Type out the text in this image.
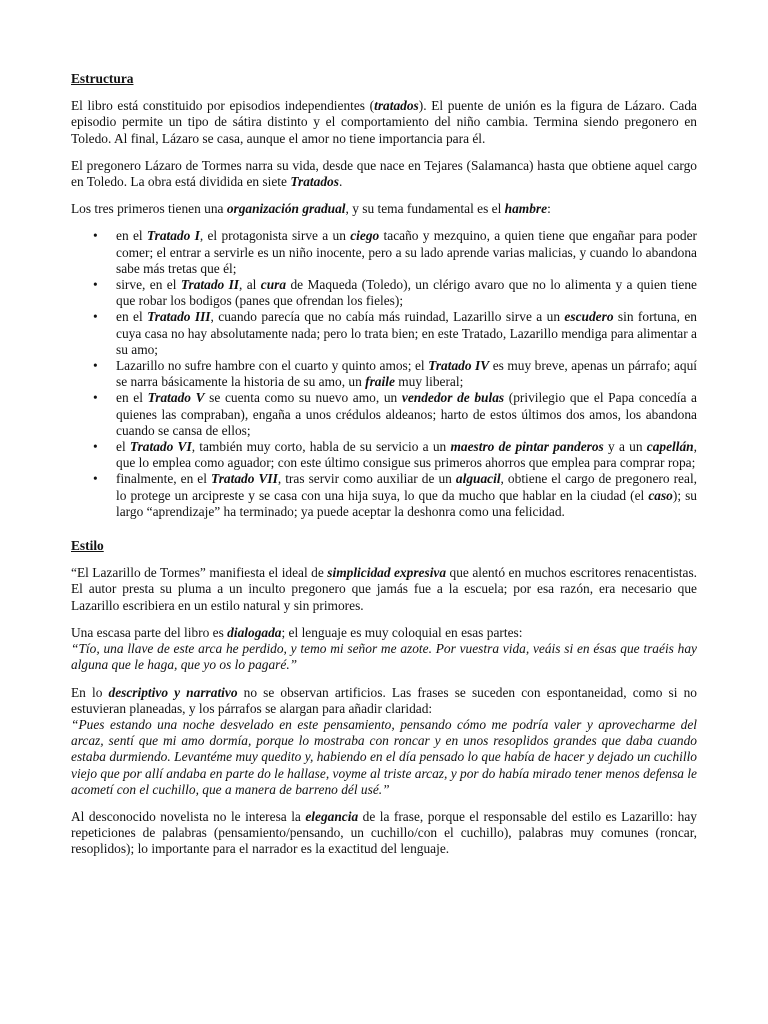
Estructura

El libro está constituido por episodios independientes (tratados). El puente de unión es la figura de Lázaro. Cada episodio permite un tipo de sátira distinto y el comportamiento del niño cambia. Termina siendo pregonero en Toledo. Al final, Lázaro se casa, aunque el amor no tiene importancia para él.

El pregonero Lázaro de Tormes narra su vida, desde que nace en Tejares (Salamanca) hasta que obtiene aquel cargo en Toledo. La obra está dividida en siete Tratados.

Los tres primeros tienen una organización gradual, y su tema fundamental es el hambre:

• en el Tratado I, el protagonista sirve a un ciego tacaño y mezquino, a quien tiene que engañar para poder comer; el entrar a servirle es un niño inocente, pero a su lado aprende varias malicias, y cuando lo abandona sabe más tretas que él;
• sirve, en el Tratado II, al cura de Maqueda (Toledo), un clérigo avaro que no lo alimenta y a quien tiene que robar los bodigos (panes que ofrendan los fieles);
• en el Tratado III, cuando parecía que no cabía más ruindad, Lazarillo sirve a un escudero sin fortuna, en cuya casa no hay absolutamente nada; pero lo trata bien; en este Tratado, Lazarillo mendiga para alimentar a su amo;
• Lazarillo no sufre hambre con el cuarto y quinto amos; el Tratado IV es muy breve, apenas un párrafo; aquí se narra básicamente la historia de su amo, un fraile muy liberal;
• en el Tratado V se cuenta como su nuevo amo, un vendedor de bulas (privilegio que el Papa concedía a quienes las compraban), engaña a unos crédulos aldeanos; harto de estos últimos dos amos, los abandona cuando se cansa de ellos;
• el Tratado VI, también muy corto, habla de su servicio a un maestro de pintar panderos y a un capellán, que lo emplea como aguador; con este último consigue sus primeros ahorros que emplea para comprar ropa;
• finalmente, en el Tratado VII, tras servir como auxiliar de un alguacil, obtiene el cargo de pregonero real, lo protege un arcipreste y se casa con una hija suya, lo que da mucho que hablar en la ciudad (el caso); su largo “aprendizaje” ha terminado; ya puede aceptar la deshonra como una felicidad.
Estilo

“El Lazarillo de Tormes” manifiesta el ideal de simplicidad expresiva que alentó en muchos escritores renacentistas. El autor presta su pluma a un inculto pregonero que jamás fue a la escuela; por esa razón, era necesario que Lazarillo escribiera en un estilo natural y sin primores.

Una escasa parte del libro es dialogada; el lenguaje es muy coloquial en esas partes:
“Tío, una llave de este arca he perdido, y temo mi señor me azote. Por vuestra vida, veáis si en ésas que traéis hay alguna que le haga, que yo os lo pagaré.”

En lo descriptivo y narrativo no se observan artificios. Las frases se suceden con espontaneidad, como si no estuvieran planeadas, y los párrafos se alargan para añadir claridad:
“Pues estando una noche desvelado en este pensamiento, pensando cómo me podría valer y aprovecharme del arcaz, sentí que mi amo dormía, porque lo mostraba con roncar y en unos resoplidos grandes que daba cuando estaba durmiendo. Levantéme muy quedito y, habiendo en el día pensado lo que había de hacer y dejado un cuchillo viejo que por allí andaba en parte do le hallase, voyme al triste arcaz, y por do había mirado tener menos defensa le acometí con el cuchillo, que a manera de barreno dél usé.”

Al desconocido novelista no le interesa la elegancia de la frase, porque el responsable del estilo es Lazarillo: hay repeticiones de palabras (pensamiento/pensando, un cuchillo/con el cuchillo), palabras muy comunes (roncar, resoplidos); lo importante para el narrador es la exactitud del lenguaje.
